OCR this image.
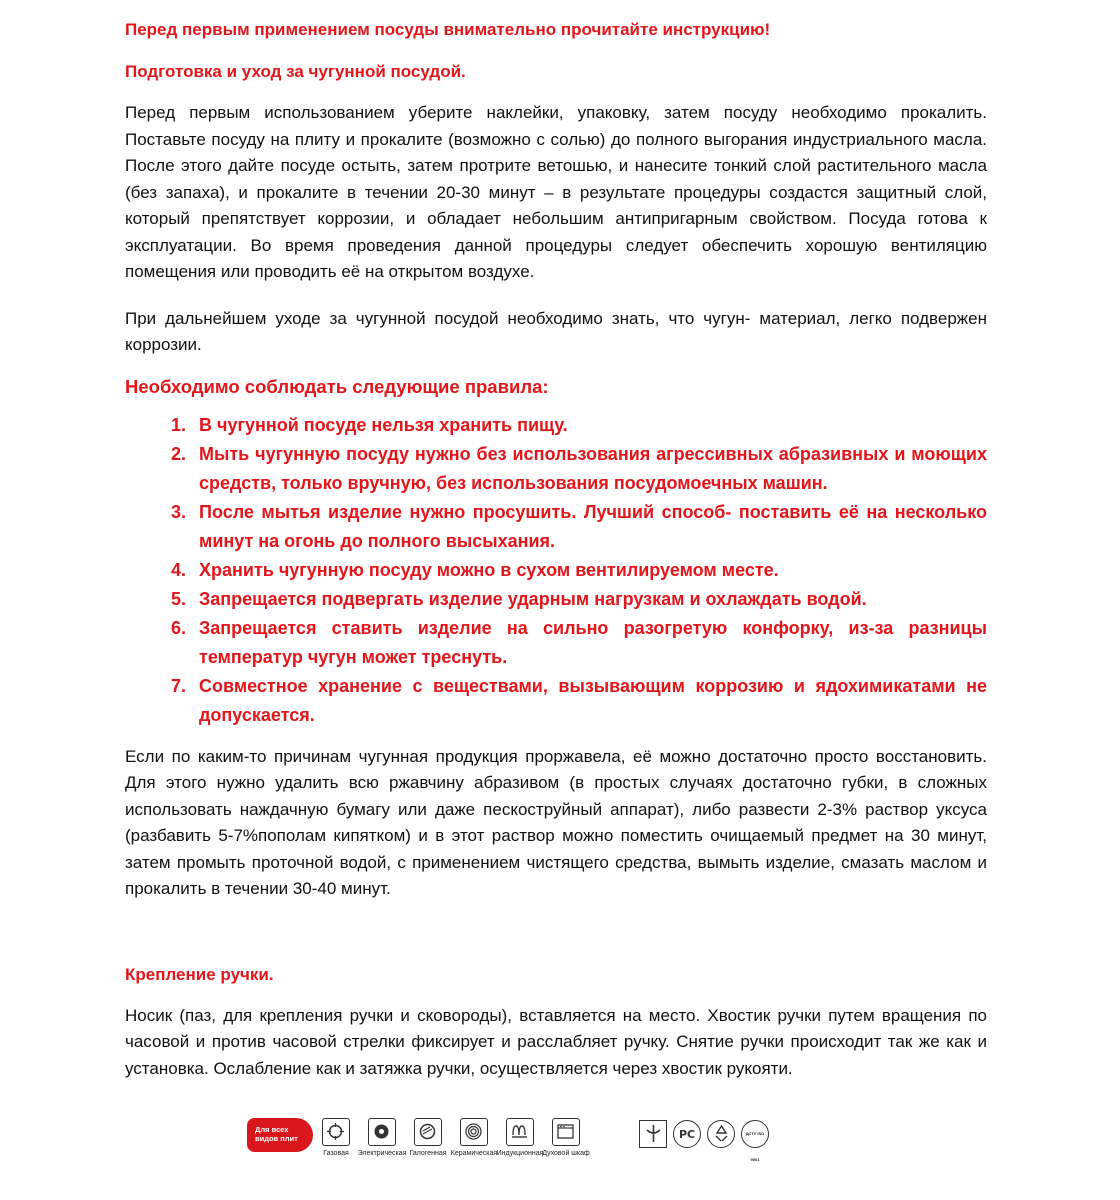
Перед первым применением посуды внимательно прочитайте инструкцию!

Подготовка и уход за чугунной посудой.

Перед первым использованием уберите наклейки, упаковку, затем посуду необходимо прокалить. Поставьте посуду на плиту и прокалите (возможно с солью) до полного выгорания индустриального масла. После этого дайте посуде остыть, затем протрите ветошью, и нанесите тонкий слой растительного масла (без запаха), и прокалите в течении 20-30 минут – в результате процедуры создастся защитный слой, который препятствует коррозии, и обладает небольшим антипригарным свойством. Посуда готова к эксплуатации. Во время проведения данной процедуры следует обеспечить хорошую вентиляцию помещения или проводить её на открытом воздухе.

При дальнейшем уходе за чугунной посудой необходимо знать, что чугун- материал, легко подвержен коррозии.

Необходимо соблюдать следующие правила:

1. В чугунной посуде нельзя хранить пищу.
2. Мыть чугунную посуду нужно без использования агрессивных абразивных и моющих средств, только вручную, без использования посудомоечных машин.
3. После мытья изделие нужно просушить. Лучший способ- поставить её на несколько минут на огонь до полного высыхания.
4. Хранить чугунную посуду можно в сухом вентилируемом месте.
5. Запрещается подвергать изделие ударным нагрузкам и охлаждать водой.
6. Запрещается ставить изделие на сильно разогретую конфорку, из-за разницы температур чугун может треснуть.
7. Совместное хранение с веществами, вызывающим коррозию и ядохимикатами не допускается.

Если по каким-то причинам чугунная продукция проржавела, её можно достаточно просто восстановить. Для этого нужно удалить всю ржавчину абразивом (в простых случаях достаточно губки, в сложных использовать наждачную бумагу или даже пескоструйный аппарат), либо развести 2-3% раствор уксуса (разбавить 5-7%пополам кипятком) и в этот раствор можно поместить очищаемый предмет на 30 минут, затем промыть проточной водой, с применением чистящего средства, вымыть изделие, смазать маслом и прокалить в течении 30-40 минут.

Крепление ручки.

Носик (паз, для крепления ручки и сковороды), вставляется на место. Хвостик ручки путем вращения по часовой и против часовой стрелки фиксирует и расслабляет ручку. Снятие ручки происходит так же как и установка. Ослабление как и затяжка ручки, осуществляется через хвостик рукояти.

Для всех
видов плит
Газовая	Электрическая Галогенная Керамическая Индукционная
Духовой шкаф
РС	ДСТУ ISO 9001
